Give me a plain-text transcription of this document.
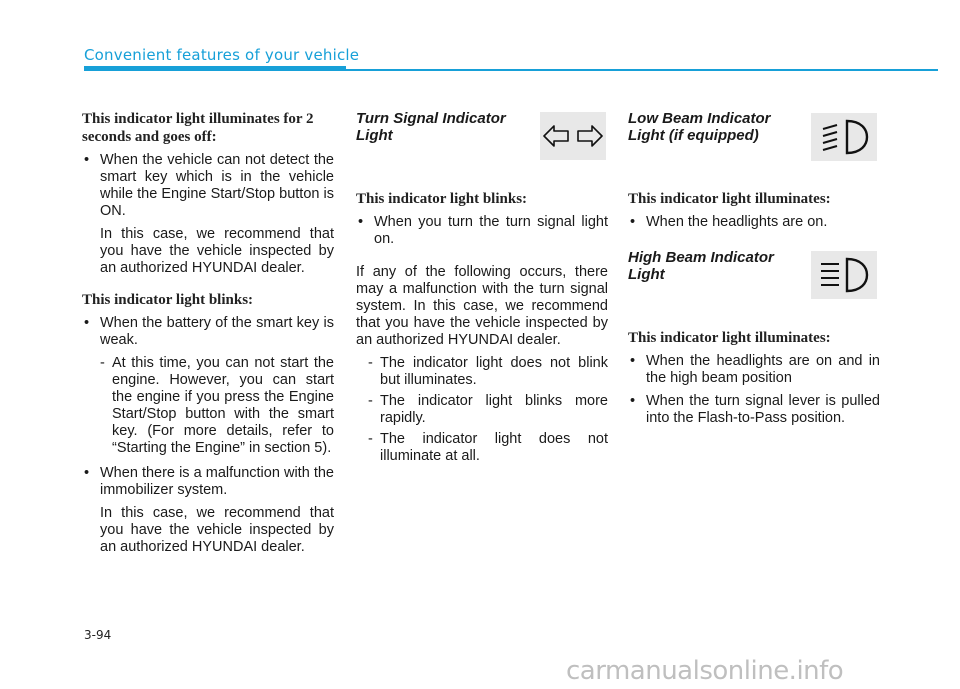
Convenient features of your vehicle
This indicator light illuminates for 2 seconds and goes off:
• When the vehicle can not detect the smart key which is in the vehicle while the Engine Start/Stop button is ON.
In this case, we recommend that you have the vehicle inspected by an authorized HYUNDAI dealer.
This indicator light blinks:
• When the battery of the smart key is weak.
- At this time, you can not start the engine. However, you can start the engine if you press the Engine Start/Stop button with the smart key. (For more details, refer to “Starting the Engine” in section 5).
• When there is a malfunction with the immobilizer system.
In this case, we recommend that you have the vehicle inspected by an authorized HYUNDAI dealer.
Turn Signal Indicator
Light
This indicator light blinks:
• When you turn the turn signal light on.
If any of the following occurs, there may a malfunction with the turn signal system. In this case, we recommend that you have the vehicle inspected by an authorized HYUNDAI dealer.
- The indicator light does not blink but illuminates.
- The indicator light blinks more rapidly.
- The indicator light does not illuminate at all.
Low Beam Indicator
Light (if equipped)
This indicator light illuminates:
• When the headlights are on.
High Beam Indicator
Light
This indicator light illuminates:
• When the headlights are on and in the high beam position
• When the turn signal lever is pulled into the Flash-to-Pass position.
3-94
carmanualsonline.info
